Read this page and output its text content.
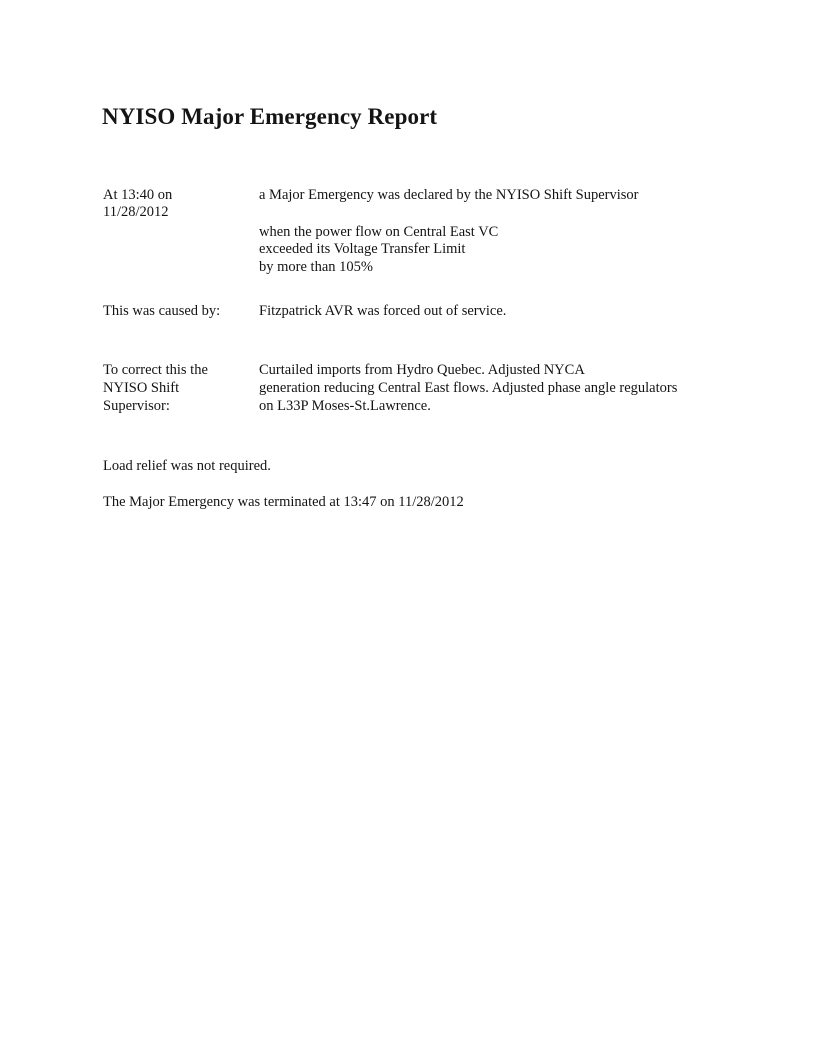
NYISO Major Emergency Report

At 13:40 on

11/28/2012

a Major Emergency was declared by the NYISO Shift Supervisor

when the power flow on Central East VC

exceeded its Voltage Transfer Limit

by more than 105%

This was caused by:	Fitzpatrick AVR was forced out of service.

To correct this the

NYISO Shift

Supervisor:

Curtailed imports from Hydro Quebec. Adjusted NYCA

generation reducing Central East flows. Adjusted phase angle regulators

on L33P Moses-St.Lawrence.

Load relief was not required.

The Major Emergency was terminated at 13:47 on 11/28/2012
